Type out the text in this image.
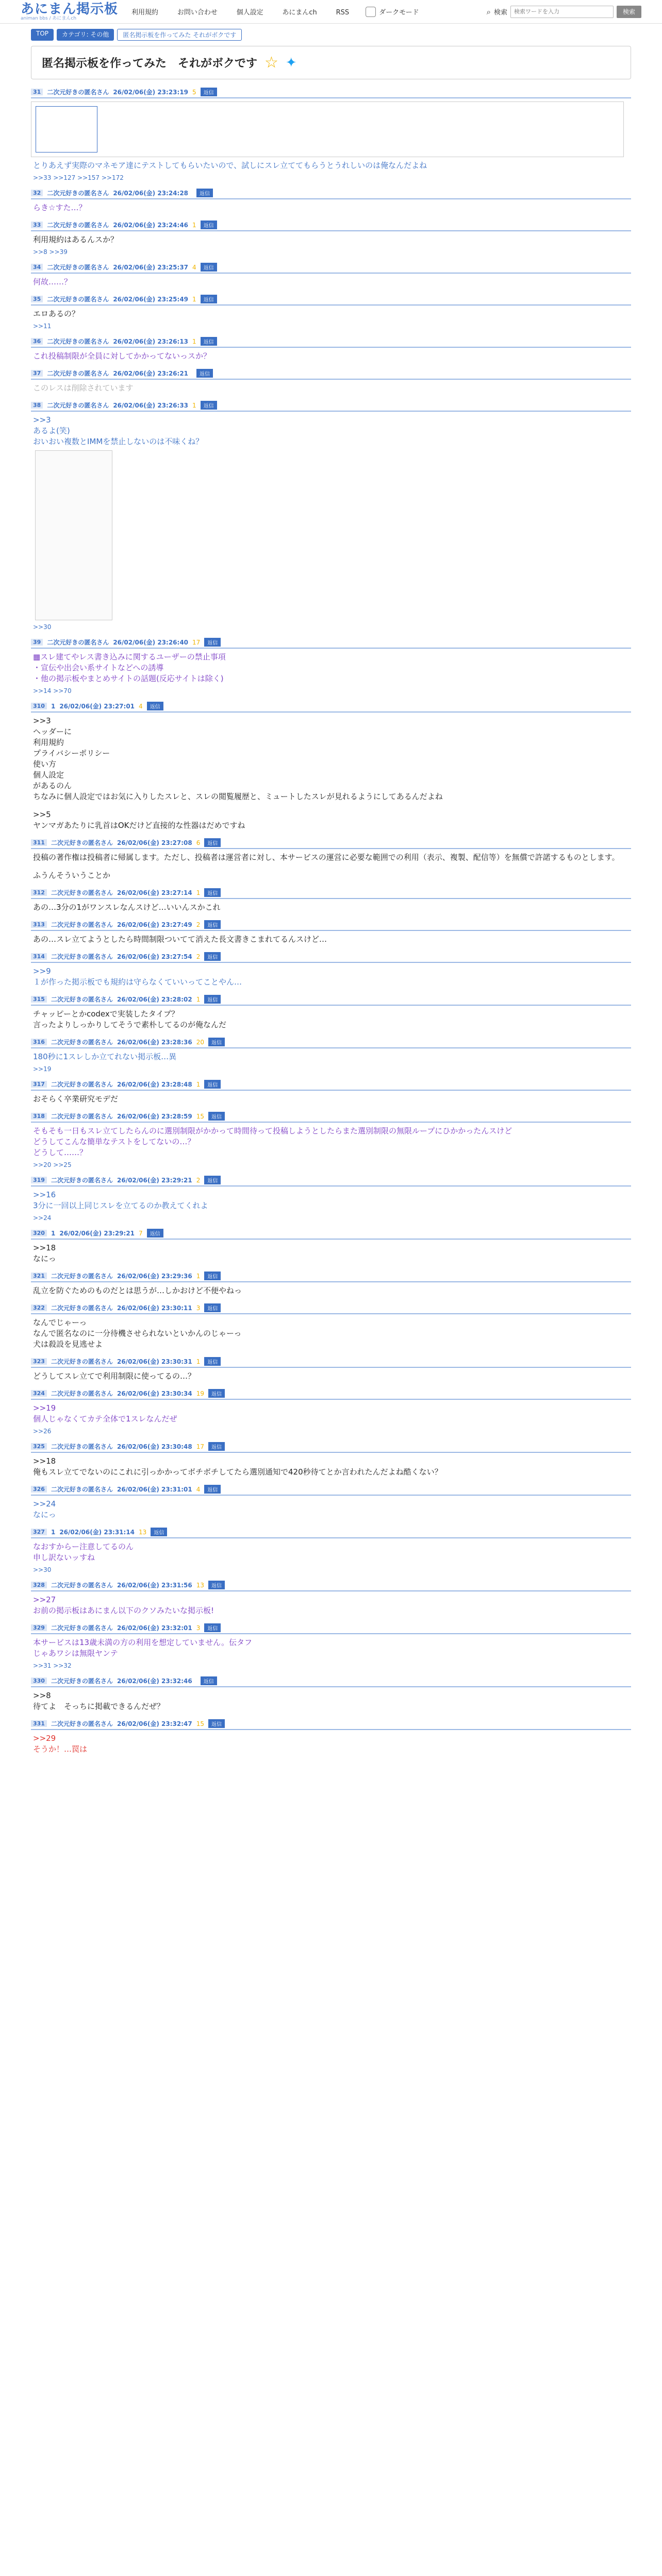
あにまん掲示板
animan bbs / あにまんch
利用規約	お問い合わせ	個人設定	あにまんch	RSS	ダークモード	⌕ 検索
検索ワードを入力	検索
TOP	カテゴリ: その他	匿名掲示板を作ってみた それがボクです
匿名掲示板を作ってみた　それがボクです ☆ ✦
31	二次元好きの匿名さん 26/02/06(金) 23:23:19 5	返信
とりあえず実際のマネモア達にテストしてもらいたいので、試しにスレ立ててもらうとうれしいのは俺なんだよね
>>33 >>127 >>157 >>172
32	二次元好きの匿名さん 26/02/06(金) 23:24:28	返信
らき☆すた…？
33	二次元好きの匿名さん 26/02/06(金) 23:24:46 1	返信
利用規約はあるんスか？
>>8 >>39
34	二次元好きの匿名さん 26/02/06(金) 23:25:37 4	返信
何故……？
35	二次元好きの匿名さん 26/02/06(金) 23:25:49 1	返信
エロあるの？
>>11
36	二次元好きの匿名さん 26/02/06(金) 23:26:13 1	返信
これ投稿制限が全員に対してかかってないっスか？
37	二次元好きの匿名さん 26/02/06(金) 23:26:21	返信
このレスは削除されています
38	二次元好きの匿名さん 26/02/06(金) 23:26:33 1	返信
>>3
あるよ(笑)
おいおい複数とIMMを禁止しないのは不味くね？
>>30
39	二次元好きの匿名さん 26/02/06(金) 23:26:40 17	返信
▦スレ建てやレス書き込みに関するユーザーの禁止事項
・宣伝や出会い系サイトなどへの誘導
・他の掲示板やまとめサイトの話題(反応サイトは除く)
>>14 >>70
310	1 26/02/06(金) 23:27:01 4	返信
>>3
ヘッダーに
利用規約
プライバシーポリシー
使い方
個人設定
があるのん
ちなみに個人設定ではお気に入りしたスレと、スレの閲覧履歴と、ミュートしたスレが見れるようにしてあるんだよね
>>5
ヤンマガあたりに乳首はOKだけど直接的な性器はだめですね
311	二次元好きの匿名さん 26/02/06(金) 23:27:08 6	返信
投稿の著作権は投稿者に帰属します。ただし、投稿者は運営者に対し、本サービスの運営に必要な範囲での利用（表示、複製、配信等）を無償で許諾するものとします。
ふうんそういうことか
312	二次元好きの匿名さん 26/02/06(金) 23:27:14 1	返信
あの…3分の1がワンスレなんスけど…いいんスかこれ
313	二次元好きの匿名さん 26/02/06(金) 23:27:49 2	返信
あの…スレ立てようとしたら時間制限ついてて消えた長文書きこまれてるんスけど…
314	二次元好きの匿名さん 26/02/06(金) 23:27:54 2	返信
>>9
１が作った掲示板でも規約は守らなくていいってことやん…
315	二次元好きの匿名さん 26/02/06(金) 23:28:02 1	返信
チャッピーとかcodexで実装したタイプ？
言ったよりしっかりしてそうで素朴してるのが俺なんだ
316	二次元好きの匿名さん 26/02/06(金) 23:28:36 20	返信
180秒に1スレしか立てれない掲示板…異
>>19
317	二次元好きの匿名さん 26/02/06(金) 23:28:48 1	返信
おそらく卒業研究モデだ
318	二次元好きの匿名さん 26/02/06(金) 23:28:59 15	返信
そもそも一日もスレ立てしたらんのに選別制限がかかって時間待って投稿しようとしたらまた選別制限の無限ループにひかかったんスけど
どうしてこんな簡単なテストをしてないの…？
どうして……？
>>20 >>25
319	二次元好きの匿名さん 26/02/06(金) 23:29:21 2	返信
>>16
3分に一回以上同じスレを立てるのか教えてくれよ
>>24
320	1 26/02/06(金) 23:29:21 7	返信
>>18
なにっ
321	二次元好きの匿名さん 26/02/06(金) 23:29:36 1	返信
乱立を防ぐためのものだとは思うが…しかおけど不便やねっ
322	二次元好きの匿名さん 26/02/06(金) 23:30:11 3	返信
なんでじゃーっ
なんで匿名なのに一分待機させられないといかんのじゃーっ
犬は殺設を見逃せよ
323	二次元好きの匿名さん 26/02/06(金) 23:30:31 1	返信
どうしてスレ立てで利用制限に使ってるの…？
324	二次元好きの匿名さん 26/02/06(金) 23:30:34 19	返信
>>19
個人じゃなくてカテ全体で1スレなんだぜ
>>26
325	二次元好きの匿名さん 26/02/06(金) 23:30:48 17	返信
>>18
俺もスレ立てでないのにこれに引っかかってボチボチしてたら選別通知で420秒待てとか言われたんだよね酷くない？
326	二次元好きの匿名さん 26/02/06(金) 23:31:01 4	返信
>>24
なにっ
327	1 26/02/06(金) 23:31:14 13	返信
なおすからー注意してるのん
申し訳ないッすね
>>30
328	二次元好きの匿名さん 26/02/06(金) 23:31:56 13	返信
>>27
お前の掲示板はあにまん以下のクソみたいな掲示板!
329	二次元好きの匿名さん 26/02/06(金) 23:32:01 3	返信
本サービスは13歳未満の方の利用を想定していません。伝タフ
じゃあワシは無限ヤンテ
>>31 >>32
330	二次元好きの匿名さん 26/02/06(金) 23:32:46	返信
>>8
待てよ　そっちに掲載できるんだぜ？
331	二次元好きの匿名さん 26/02/06(金) 23:32:47 15	返信
>>29
そうか！…罠は
